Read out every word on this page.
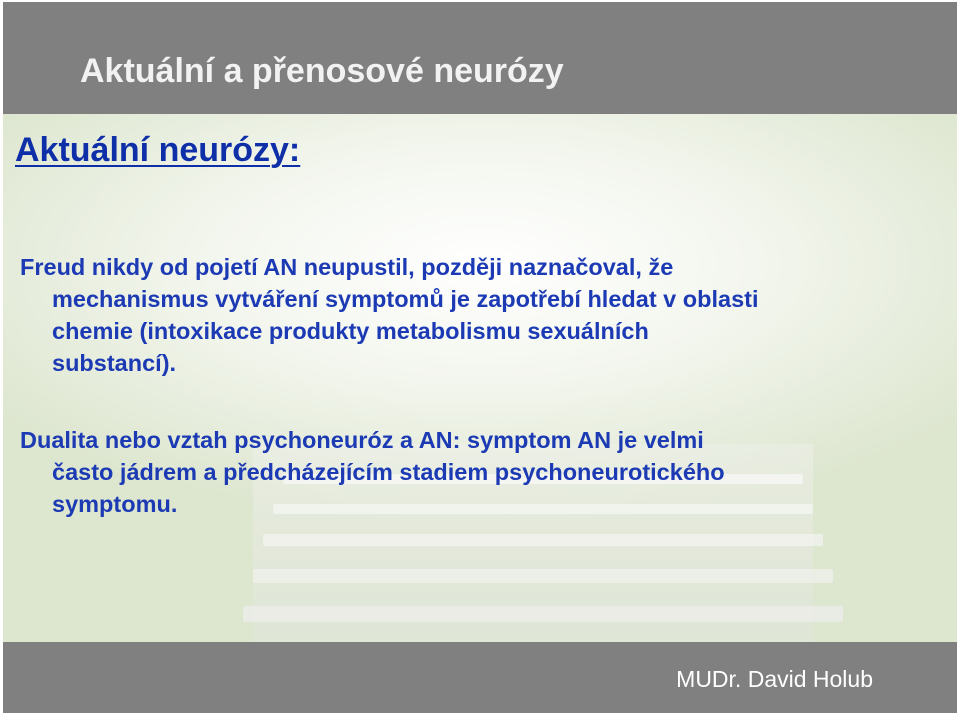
Aktuální a přenosové neurózy
Aktuální neurózy:
Freud nikdy od pojetí AN neupustil, později naznačoval, že
mechanismus vytváření symptomů je zapotřebí hledat v oblasti
chemie (intoxikace produkty metabolismu sexuálních
substancí).
Dualita nebo vztah psychoneuróz a AN: symptom AN je velmi
často jádrem a předcházejícím stadiem psychoneurotického
symptomu.
MUDr. David Holub
